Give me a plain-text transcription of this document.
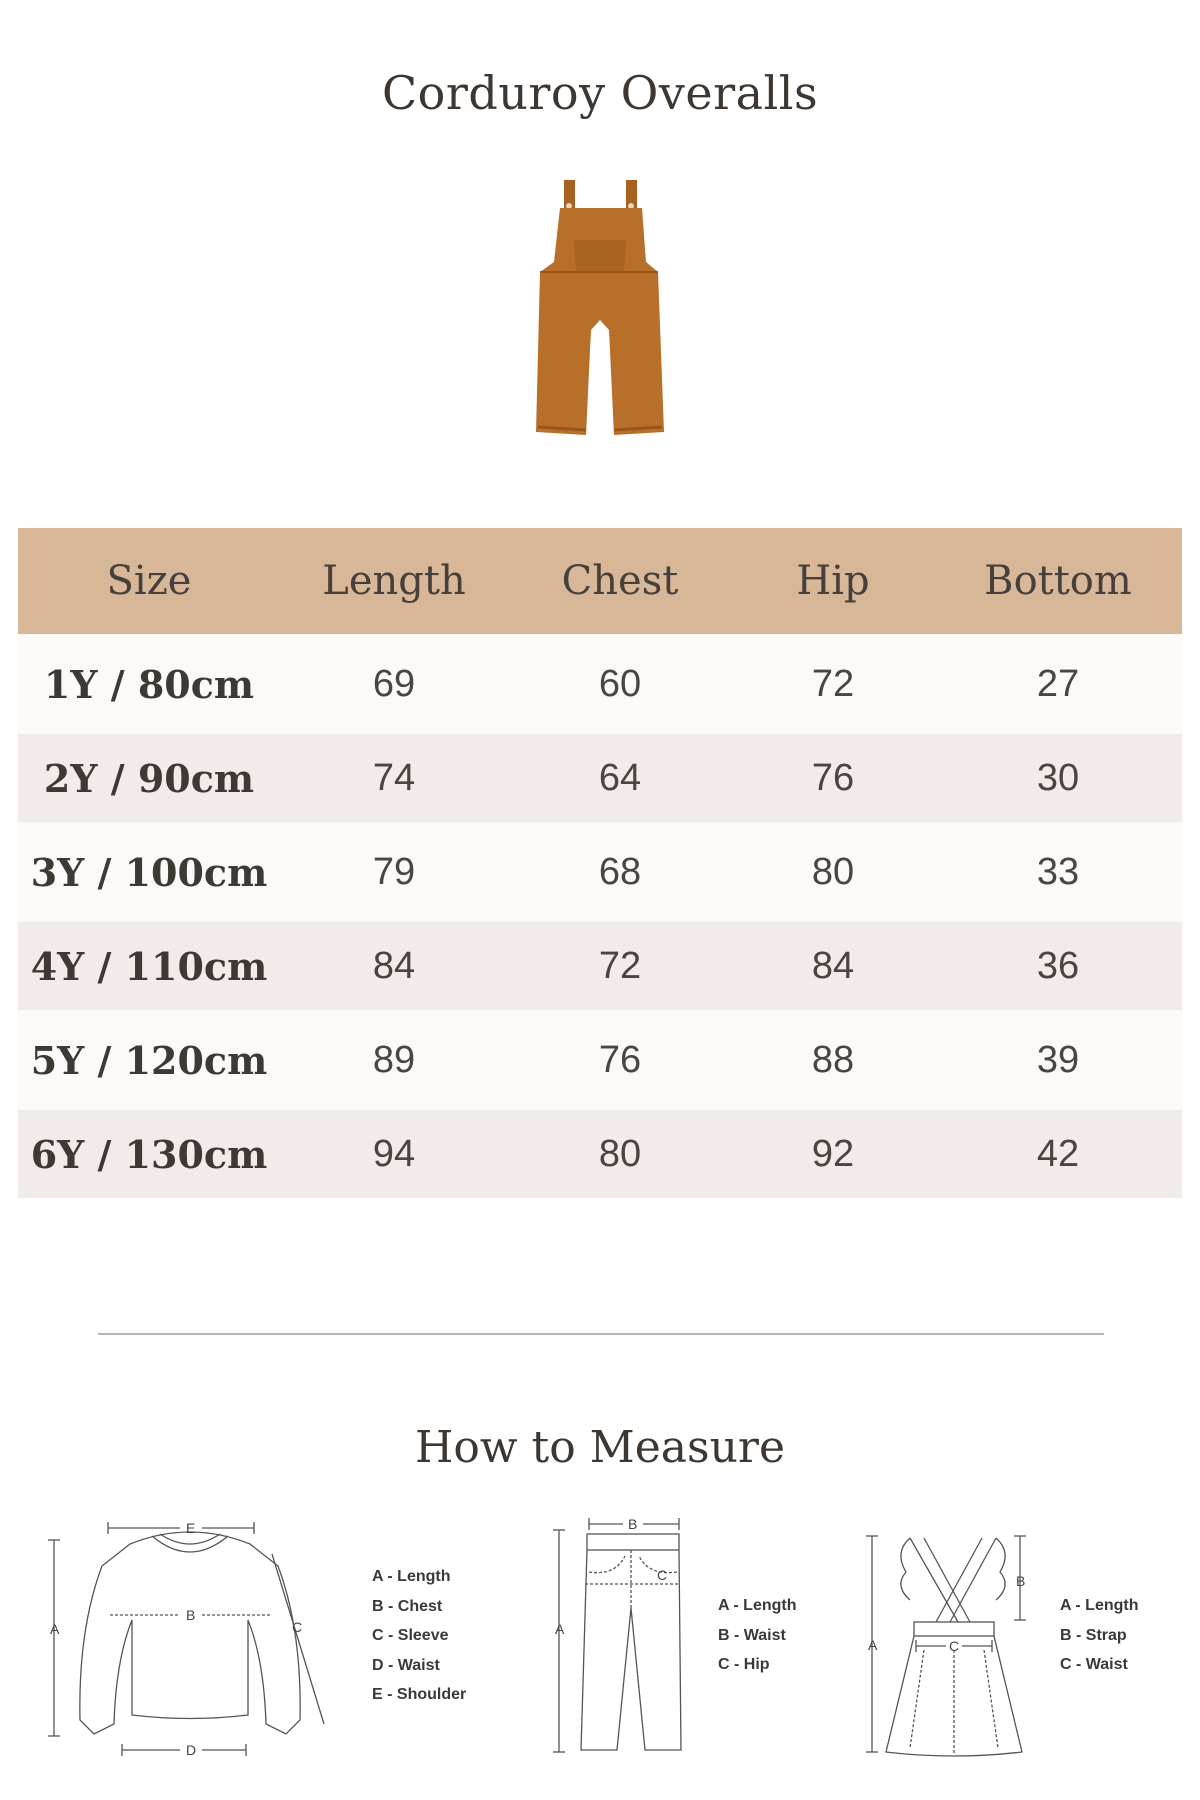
Corduroy Overalls
Size	Length	Chest	Hip	Bottom
1Y / 80cm	69	60	72	27
2Y / 90cm	74	64	76	30
3Y / 100cm	79	68	80	33
4Y / 110cm	84	72	84	36
5Y / 120cm	89	76	88	39
6Y / 130cm	94	80	92	42
How to Measure
A
B
C
D
E
A - Length
B - Chest
C - Sleeve
D - Waist
E - Shoulder
A
B
C
A - Length
B - Waist
C - Hip
A
B
C
A - Length
B - Strap
C - Waist
